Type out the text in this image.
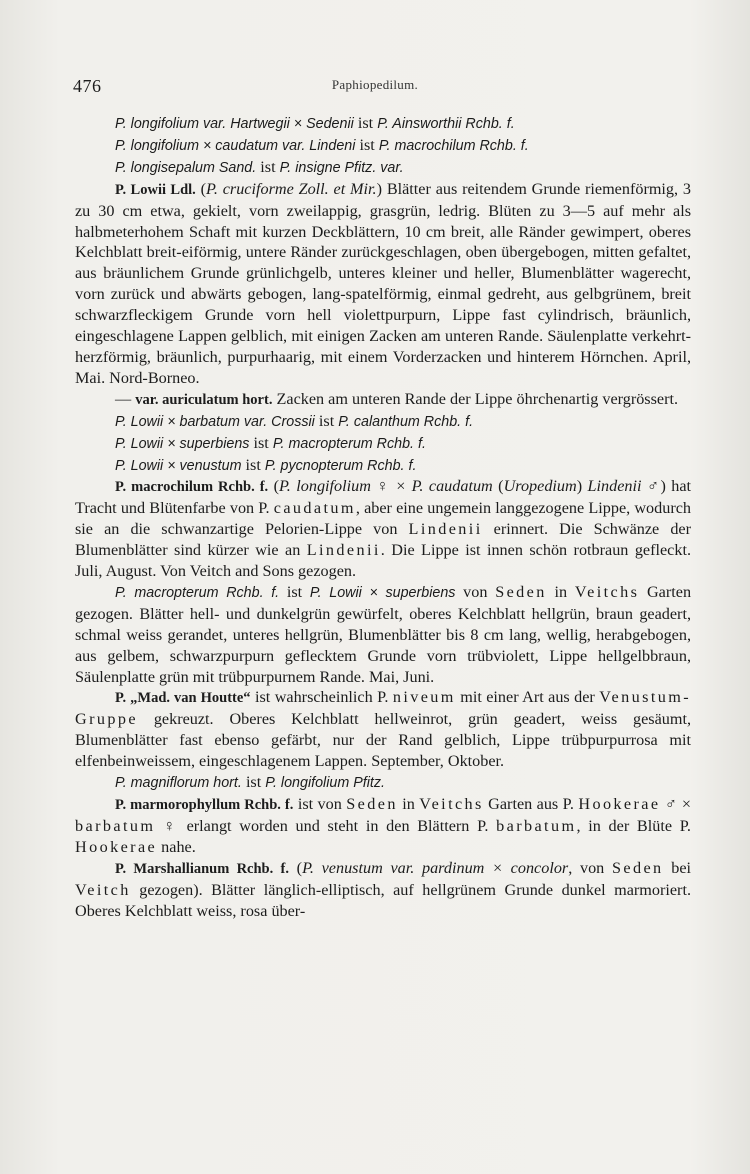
476	Paphiopedilum.

P. longifolium var. Hartwegii × Sedenii ist P. Ainsworthii Rchb. f.

P. longifolium × caudatum var. Lindeni ist P. macrochilum Rchb. f.

P. longisepalum Sand. ist P. insigne Pfitz. var.

P. Lowii Ldl. (P. cruciforme Zoll. et Mir.) Blätter aus reitendem Grunde riemenförmig, 3 zu 30 cm etwa, gekielt, vorn zweilappig, grasgrün, ledrig. Blüten zu 3—5 auf mehr als halbmeterhohem Schaft mit kurzen Deckblättern, 10 cm breit, alle Ränder gewimpert, oberes Kelchblatt breit-eiförmig, untere Ränder zurückgeschlagen, oben übergebogen, mitten gefaltet, aus bräunlichem Grunde grünlichgelb, unteres kleiner und heller, Blumenblätter wagerecht, vorn zurück und abwärts gebogen, lang-spatelförmig, einmal gedreht, aus gelbgrünem, breit schwarzfleckigem Grunde vorn hell violettpurpurn, Lippe fast cylindrisch, bräunlich, eingeschlagene Lappen gelblich, mit einigen Zacken am unteren Rande. Säulenplatte verkehrt-herzförmig, bräunlich, purpurhaarig, mit einem Vorderzacken und hinterem Hörnchen. April, Mai. Nord-Borneo.

— var. auriculatum hort. Zacken am unteren Rande der Lippe öhrchenartig vergrössert.

P. Lowii × barbatum var. Crossii ist P. calanthum Rchb. f.

P. Lowii × superbiens ist P. macropterum Rchb. f.

P. Lowii × venustum ist P. pycnopterum Rchb. f.

P. macrochilum Rchb. f. (P. longifolium ♀ × P. caudatum (Uropedium) Lindenii ♂) hat Tracht und Blütenfarbe von P. caudatum, aber eine ungemein langgezogene Lippe, wodurch sie an die schwanzartige Pelorien-Lippe von Lindenii erinnert. Die Schwänze der Blumenblätter sind kürzer wie an Lindenii. Die Lippe ist innen schön rotbraun gefleckt. Juli, August. Von Veitch and Sons gezogen.

P. macropterum Rchb. f. ist P. Lowii × superbiens von Seden in Veitchs Garten gezogen. Blätter hell- und dunkelgrün gewürfelt, oberes Kelchblatt hellgrün, braun geadert, schmal weiss gerandet, unteres hellgrün, Blumenblätter bis 8 cm lang, wellig, herabgebogen, aus gelbem, schwarzpurpurn geflecktem Grunde vorn trübviolett, Lippe hellgelbbraun, Säulenplatte grün mit trübpurpurnem Rande. Mai, Juni.

P. „Mad. van Houtte“ ist wahrscheinlich P. niveum mit einer Art aus der Venustum-Gruppe gekreuzt. Oberes Kelchblatt hellweinrot, grün geadert, weiss gesäumt, Blumenblätter fast ebenso gefärbt, nur der Rand gelblich, Lippe trübpurpurrosa mit elfenbeinweissem, eingeschlagenem Lappen. September, Oktober.

P. magniflorum hort. ist P. longifolium Pfitz.

P. marmorophyllum Rchb. f. ist von Seden in Veitchs Garten aus P. Hookerae ♂ × barbatum ♀ erlangt worden und steht in den Blättern P. barbatum, in der Blüte P. Hookerae nahe.

P. Marshallianum Rchb. f. (P. venustum var. pardinum × concolor, von Seden bei Veitch gezogen). Blätter länglich-elliptisch, auf hellgrünem Grunde dunkel marmoriert. Oberes Kelchblatt weiss, rosa über-
